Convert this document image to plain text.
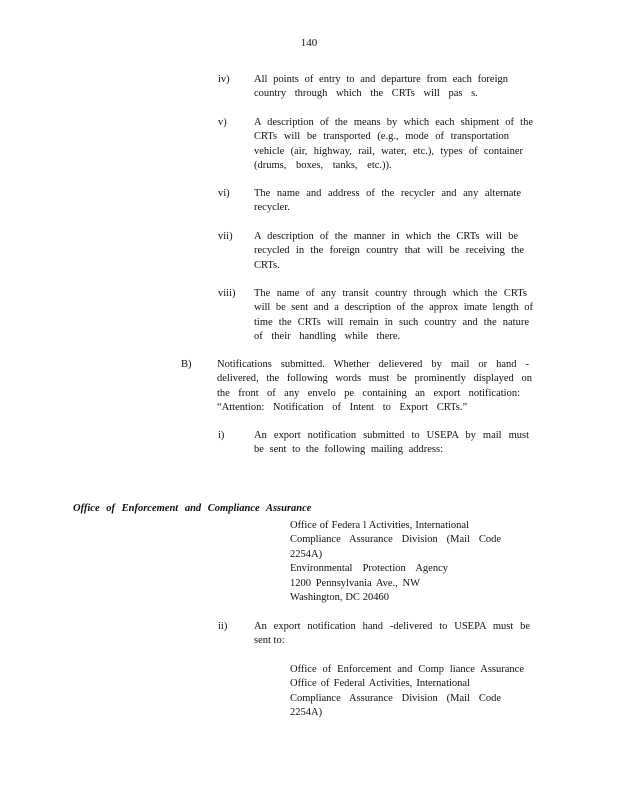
140
iv) All points of entry to and departure from each foreign
country through which the CRTs will pas s.
v)	A description of the means by which each shipment of the
CRTs will be transported (e.g., mode of transportation
vehicle (air, highway, rail, water, etc.), types of container
(drums, boxes, tanks, etc.)).
vi) The name and address of the recycler and any alternate
recycler.
vii) A description of the manner in which the CRTs will be
recycled in the foreign country that will be receiving the
CRTs.
viii) The name of any transit country through which the CRTs
will be sent and a description of the approx imate length of
time the CRTs will remain in such country and the nature
of their handling while there.
B) Notifications submitted. Whether delievered by mail or hand -
delivered, the following words must be prominently displayed on
the front of any envelo pe containing an export notification:
“Attention: Notification of Intent to Export CRTs.”
i)	An export notification submitted to USEPA by mail must
be sent to the following mailing address:
Office of Enforcement and Compliance Assurance
Office of Federa l Activities, International
Compliance Assurance Division (Mail Code
2254A)
Environmental Protection Agency
1200 Pennsylvania Ave., NW
Washington, DC 20460
ii)	An export notification hand -delivered to USEPA must be
sent to:
Office of Enforcement and Comp liance Assurance
Office of Federal Activities, International
Compliance Assurance Division (Mail Code
2254A)
